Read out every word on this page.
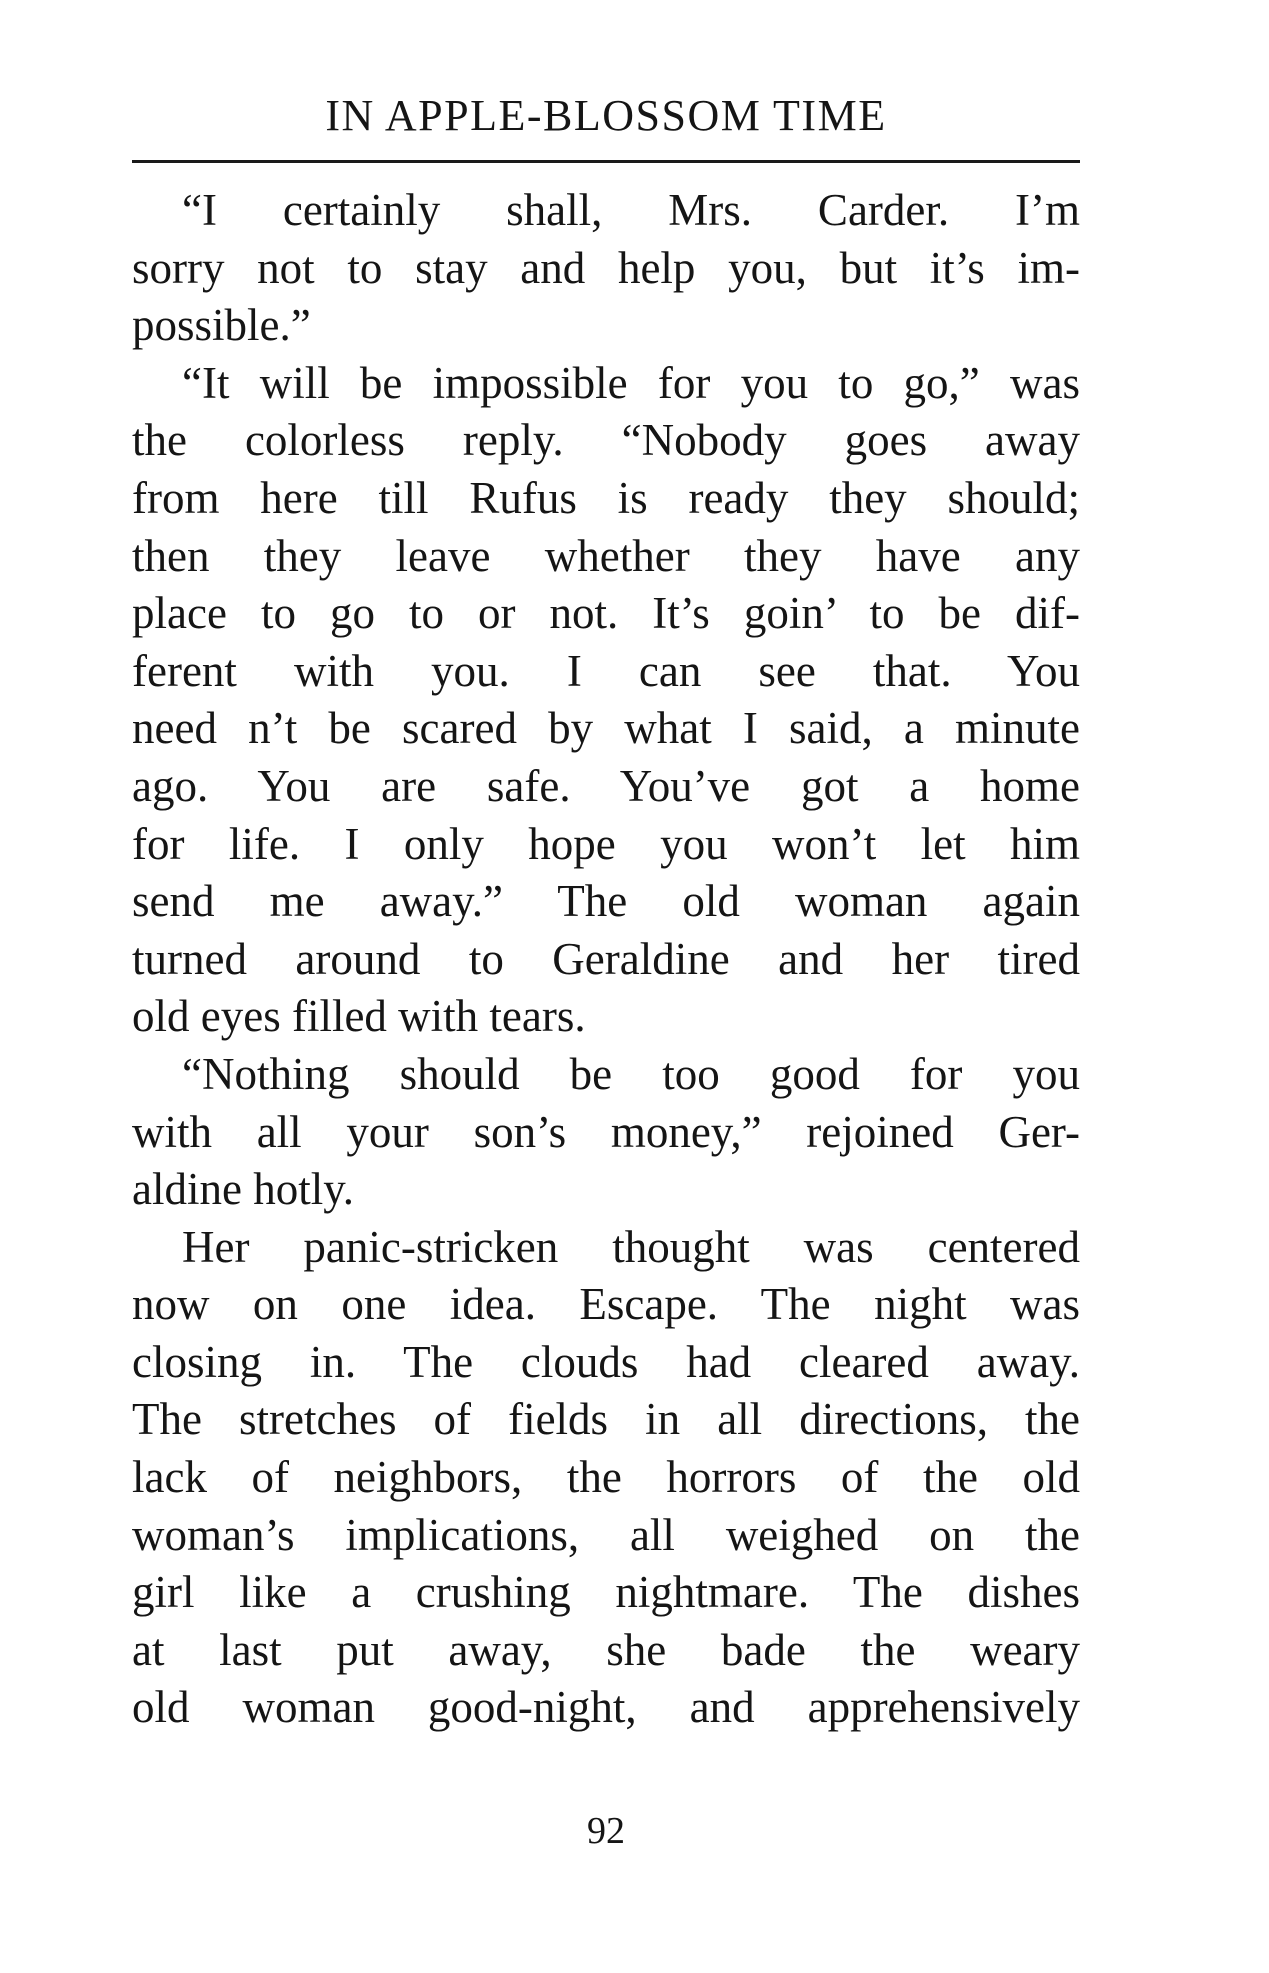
IN APPLE-BLOSSOM TIME
“I certainly shall, Mrs. Carder. I’m
sorry not to stay and help you, but it’s im-
possible.”
“It will be impossible for you to go,” was
the colorless reply. “Nobody goes away
from here till Rufus is ready they should;
then they leave whether they have any
place to go to or not. It’s goin’ to be dif-
ferent with you. I can see that. You
need n’t be scared by what I said, a minute
ago. You are safe. You’ve got a home
for life. I only hope you won’t let him
send me away.” The old woman again
turned around to Geraldine and her tired
old eyes filled with tears.
“Nothing should be too good for you
with all your son’s money,” rejoined Ger-
aldine hotly.
Her panic-stricken thought was centered
now on one idea. Escape. The night was
closing in. The clouds had cleared away.
The stretches of fields in all directions, the
lack of neighbors, the horrors of the old
woman’s implications, all weighed on the
girl like a crushing nightmare. The dishes
at last put away, she bade the weary
old woman good-night, and apprehensively
92
